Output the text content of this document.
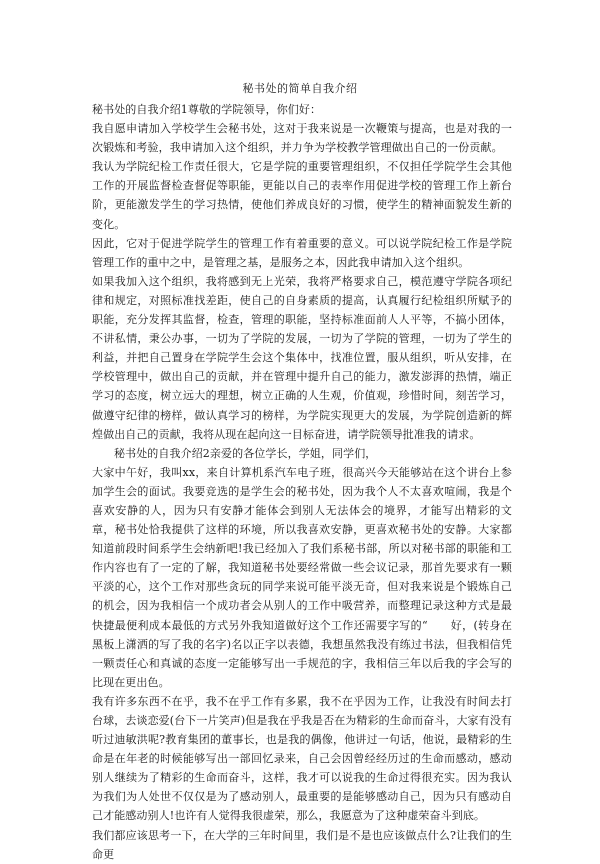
秘书处的简单自我介绍

秘书处的自我介绍1尊敬的学院领导，你们好：

我自愿申请加入学校学生会秘书处，这对于我来说是一次鞭策与提高，也是对我的一次锻炼和考验，我申请加入这个组织，并力争为学校教学管理做出自己的一份贡献。

我认为学院纪检工作责任很大，它是学院的重要管理组织，不仅担任学院学生会其他工作的开展监督检查督促等职能，更能以自己的表率作用促进学校的管理工作上新台阶，更能激发学生的学习热情，使他们养成良好的习惯，使学生的精神面貌发生新的变化。

因此，它对于促进学院学生的管理工作有着重要的意义。可以说学院纪检工作是学院管理工作的重中之中，是管理之基，是服务之本，因此我申请加入这个组织。

如果我加入这个组织，我将感到无上光荣，我将严格要求自己，模范遵守学院各项纪律和规定，对照标准找差距，使自己的自身素质的提高，认真履行纪检组织所赋予的职能，充分发挥其监督，检查，管理的职能，坚持标准面前人人平等，不搞小团体，不讲私情，秉公办事，一切为了学院的发展，一切为了学院的管理，一切为了学生的利益，并把自己置身在学院学生会这个集体中，找准位置，服从组织，听从安排，在学校管理中，做出自己的贡献，并在管理中提升自己的能力，激发澎湃的热情，端正学习的态度，树立远大的理想，树立正确的人生观，价值观，珍惜时间，刻苦学习，做遵守纪律的榜样，做认真学习的榜样，为学院实现更大的发展，为学院创造新的辉煌做出自己的贡献，我将从现在起向这一目标奋进，请学院领导批准我的请求。

秘书处的自我介绍2亲爱的各位学长，学姐，同学们，

大家中午好，我叫xx，来自计算机系汽车电子班，很高兴今天能够站在这个讲台上参加学生会的面试。我要竞选的是学生会的秘书处，因为我个人不太喜欢喧闹，我是个喜欢安静的人，因为只有安静才能体会到别人无法体会的境界，才能写出精彩的文章，秘书处恰我提供了这样的环境，所以我喜欢安静，更喜欢秘书处的安静。大家都知道前段时间系学生会纳新吧!我已经加入了我们系秘书部，所以对秘书部的职能和工作内容也有了一定的了解，我知道秘书处要经常做一些会议记录，那首先要求有一颗平淡的心，这个工作对那些贪玩的同学来说可能平淡无奇，但对我来说是个锻炼自己的机会，因为我相信一个成功者会从别人的工作中吸营养，而整理记录这种方式是最快捷最便利成本最低的方式另外我知道做好这个工作还需要字写的“　　好，(转身在黑板上潇洒的写了我的名字)名以正字以表德，我想虽然我没有练过书法，但我相信凭一颗责任心和真诚的态度一定能够写出一手规范的字，我相信三年以后我的字会写的比现在更出色。

我有许多东西不在乎，我不在乎工作有多累，我不在乎因为工作，让我没有时间去打台球，去谈恋爱(台下一片笑声)但是我在乎我是否在为精彩的生命而奋斗，大家有没有听过迪敏洪呢?教育集团的董事长，也是我的偶像，他讲过一句话，他说，最精彩的生命是在年老的时候能够写出一部回忆录来，自己会因曾经经历过的生命而感动，感动别人继续为了精彩的生命而奋斗，这样，我才可以说我的生命过得很充实。因为我认为我们为人处世不仅仅是为了感动别人，最重要的是能够感动自己，因为只有感动自己才能感动别人!也许有人觉得我很虚荣，那么，我愿意为了这种虚荣奋斗到底。

我们都应该思考一下，在大学的三年时间里，我们是不是也应该做点什么?让我们的生命更
